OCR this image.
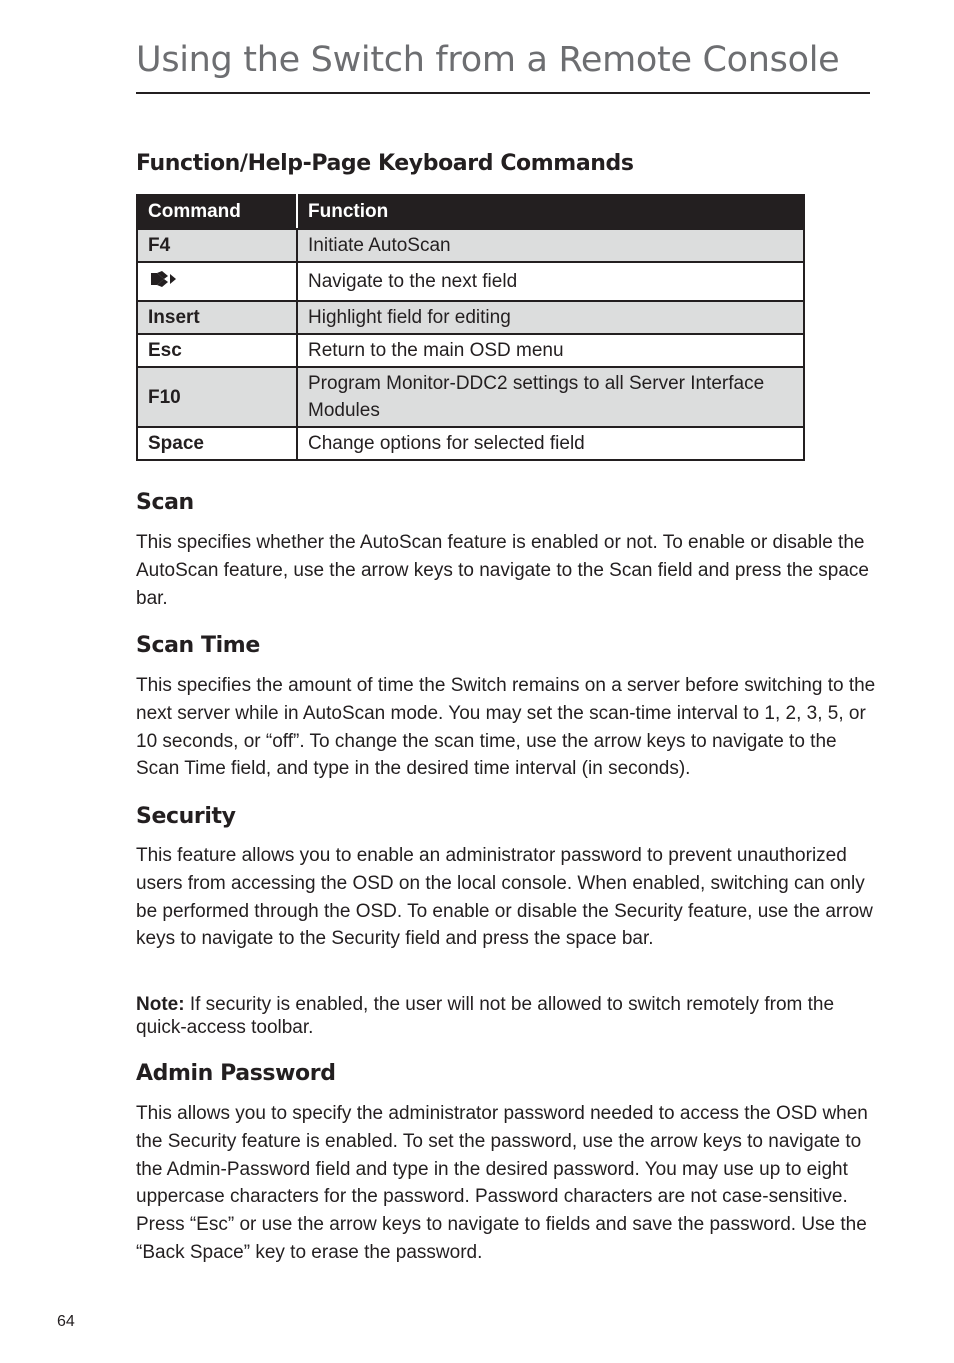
Using the Switch from a Remote Console
Function/Help-Page Keyboard Commands
Command	Function
F4	Initiate AutoScan
	Navigate to the next field
Insert	Highlight field for editing
Esc	Return to the main OSD menu
F10	Program Monitor-DDC2 settings to all Server Interface Modules
Space	Change options for selected field
Scan
This specifies whether the AutoScan feature is enabled or not. To enable or disable the AutoScan feature, use the arrow keys to navigate to the Scan field and press the space bar.
Scan Time
This specifies the amount of time the Switch remains on a server before switching to the next server while in AutoScan mode. You may set the scan-time interval to 1, 2, 3, 5, or 10 seconds, or “off”. To change the scan time, use the arrow keys to navigate to the Scan Time field, and type in the desired time interval (in seconds).
Security
This feature allows you to enable an administrator password to prevent unauthorized users from accessing the OSD on the local console. When enabled, switching can only be performed through the OSD. To enable or disable the Security feature, use the arrow keys to navigate to the Security field and press the space bar.
Note: If security is enabled, the user will not be allowed to switch remotely from the quick-access toolbar.
Admin Password
This allows you to specify the administrator password needed to access the OSD when the Security feature is enabled. To set the password, use the arrow keys to navigate to the Admin-Password field and type in the desired password. You may use up to eight uppercase characters for the password. Password characters are not case-sensitive. Press “Esc” or use the arrow keys to navigate to fields and save the password. Use the “Back Space” key to erase the password.
64
